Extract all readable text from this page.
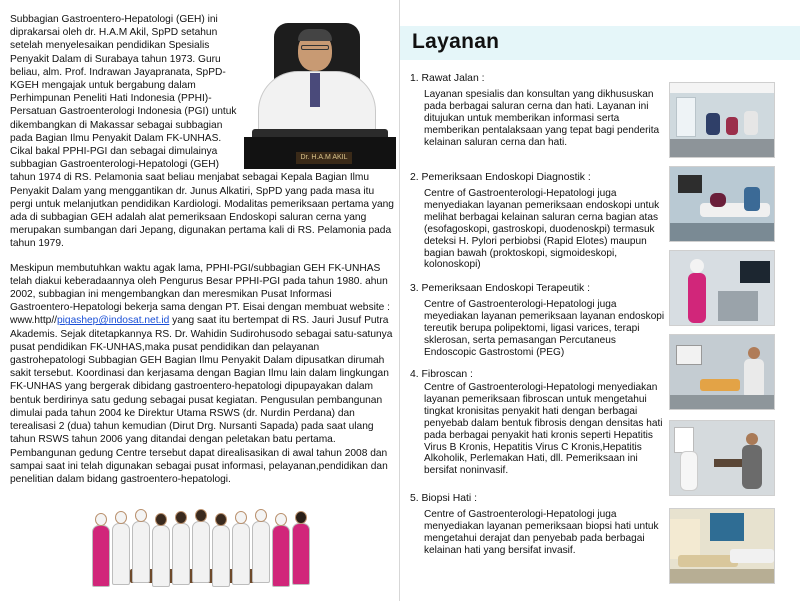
Dr. H.A.M AKIL
Subbagian Gastroentero-Hepatologi (GEH) ini diprakarsai oleh dr. H.A.M Akil, SpPD setahun setelah menyelesaikan pendidikan Spesialis Penyakit Dalam di Surabaya tahun 1973. Guru beliau, alm. Prof. Indrawan Jayapranata, SpPD-KGEH mengajak untuk bergabung dalam Perhimpunan Peneliti Hati Indonesia (PPHI)-Persatuan Gastroenterologi Indonesia (PGI) untuk dikembangkan di Makassar sebagai subbagian pada Bagian Ilmu Penyakit Dalam FK-UNHAS. Cikal bakal PPHI-PGI dan sebagai dimulainya subbagian Gastroenterologi-Hepatologi (GEH) tahun 1974 di RS. Pelamonia saat beliau menjabat sebagai Kepala Bagian Ilmu Penyakit Dalam yang menggantikan dr. Junus Alkatiri, SpPD yang pada masa itu pergi untuk melanjutkan pendidikan Kardiologi. Modalitas pemeriksaan pertama yang ada di subbagian GEH adalah alat pemeriksaan Endoskopi saluran cerna yang merupakan sumbangan dari Jepang, digunakan pertama kali di RS. Pelamonia pada tahun 1979.

Meskipun membutuhkan waktu agak lama, PPHI-PGI/subbagian GEH FK-UNHAS telah diakui keberadaannya oleh Pengurus Besar PPHI-PGI pada tahun 1980. ahun 2002, subbagian ini mengembangkan dan meresmikan Pusat Informasi Gastroentero-Hepatologi bekerja sama dengan PT. Eisai dengan membuat website : www.http//pigashep@indosat.net.id yang saat itu bertempat di RS. Jauri Jusuf Putra Akademis. Sejak ditetapkannya RS. Dr. Wahidin Sudirohusodo sebagai satu-satunya pusat pendidikan FK-UNHAS,maka pusat pendidikan dan pelayanan gastrohepatologi Subbagian GEH Bagian Ilmu Penyakit Dalam dipusatkan dirumah sakit tersebut. Koordinasi dan kerjasama dengan Bagian Ilmu lain dalam lingkungan FK-UNHAS yang bergerak dibidang gastroentero-hepatologi dipupayakan dalam bentuk berdirinya satu gedung sebagai pusat kegiatan. Pengusulan pembangunan dimulai pada tahun 2004 ke Direktur Utama RSWS (dr. Nurdin Perdana) dan terealisasi 2 (dua) tahun kemudian (Dirut Drg. Nursanti Sapada) pada saat ulang tahun RSWS tahun 2006 yang ditandai dengan peletakan batu pertama. Pembangunan gedung Centre tersebut dapat direalisasikan di awal tahun 2008 dan sampai saat ini telah digunakan sebagai pusat informasi, pelayanan,pendidikan dan penelitian dalam bidang gastroentero-hepatologi.

Layanan
1. Rawat Jalan :
Layanan spesialis dan konsultan yang dikhususkan pada berbagai saluran cerna dan hati. Layanan ini ditujukan untuk memberikan informasi serta memberikan pentalaksaan yang tepat bagi penderita kelainan saluran cerna dan hati.
2. Pemeriksaan Endoskopi Diagnostik :
Centre of Gastroenterologi-Hepatologi juga menyediakan layanan pemeriksaan endoskopi untuk melihat berbagai kelainan saluran cerna bagian atas (esofagoskopi, gastroskopi, duodenoskpi) termasuk deteksi H. Pylori perbiobsi (Rapid Elotes) maupun bagian bawah (proktoskopi, sigmoideskopi, kolonoskopi)
3. Pemeriksaan Endoskopi Terapeutik :
Centre of Gastroenterologi-Hepatologi juga meyediakan layanan pemeriksaan layanan endoskopi tereutik berupa polipektomi, ligasi varices, terapi sklerosan, serta pemasangan Percutaneus Endoscopic Gastrostomi (PEG)
4. Fibroscan :
Centre of Gastroenterologi-Hepatologi menyediakan layanan pemeriksaan fibroscan untuk mengetahui tingkat kronisitas penyakit hati dengan berbagai penyebab dalam bentuk fibrosis dengan densitas hati pada berbagai penyakit hati kronis seperti Hepatitis Virus B Kronis, Hepatitis Virus C Kronis,Hepatitis Alkoholik, Perlemakan Hati, dll. Pemeriksaan ini bersifat noninvasif.
5. Biopsi Hati :
Centre of Gastroenterologi-Hepatologi juga menyediakan layanan pemeriksaan biopsi hati untuk mengetahui derajat dan penyebab pada berbagai kelainan hati yang bersifat invasif.
